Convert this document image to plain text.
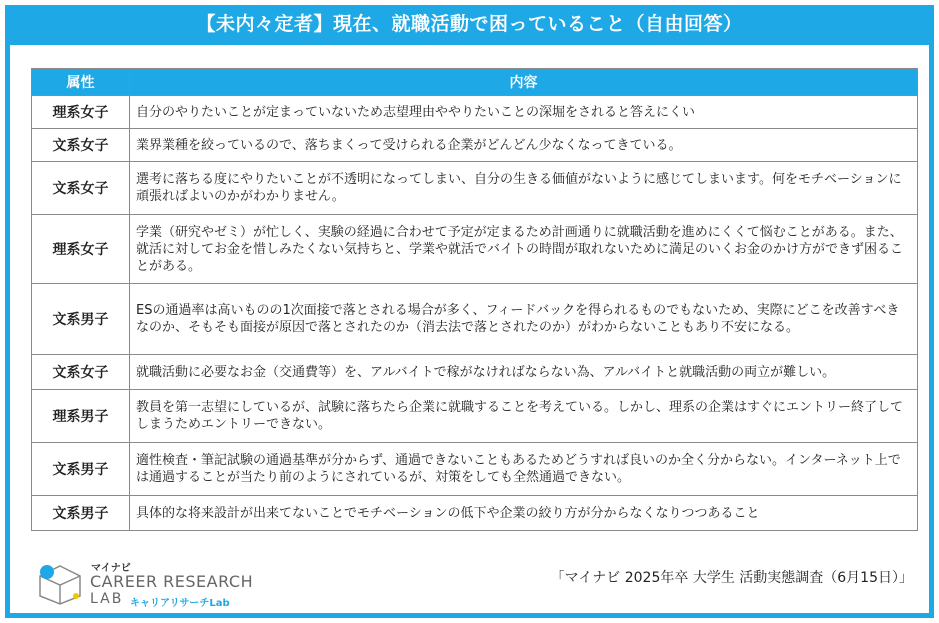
【未内々定者】現在、就職活動で困っていること（自由回答）
属性	内容
理系女子	自分のやりたいことが定まっていないため志望理由ややりたいことの深堀をされると答えにくい
文系女子	業界業種を絞っているので、落ちまくって受けられる企業がどんどん少なくなってきている。
文系女子	選考に落ちる度にやりたいことが不透明になってしまい、自分の生きる価値がないように感じてしまいます。何をモチベーションに頑張ればよいのかがわかりません。
理系女子	学業（研究やゼミ）が忙しく、実験の経過に合わせて予定が定まるため計画通りに就職活動を進めにくくて悩むことがある。また、就活に対してお金を惜しみたくない気持ちと、学業や就活でバイトの時間が取れないために満足のいくお金のかけ方ができず困ることがある。
文系男子	ESの通過率は高いものの1次面接で落とされる場合が多く、フィードバックを得られるものでもないため、実際にどこを改善すべきなのか、そもそも面接が原因で落とされたのか（消去法で落とされたのか）がわからないこともあり不安になる。
文系女子	就職活動に必要なお金（交通費等）を、アルバイトで稼がなければならない為、アルバイトと就職活動の両立が難しい。
理系男子	教員を第一志望にしているが、試験に落ちたら企業に就職することを考えている。しかし、理系の企業はすぐにエントリー終了してしまうためエントリーできない。
文系男子	適性検査・筆記試験の通過基準が分からず、通過できないこともあるためどうすれば良いのか全く分からない。インターネット上では通過することが当たり前のようにされているが、対策をしても全然通過できない。
文系男子	具体的な将来設計が出来てないことでモチベーションの低下や企業の絞り方が分からなくなりつつあること
マイナビ
CAREER RESEARCH
LAB キャリアリサーチLab
「マイナビ 2025年卒 大学生 活動実態調査（6月15日）」
